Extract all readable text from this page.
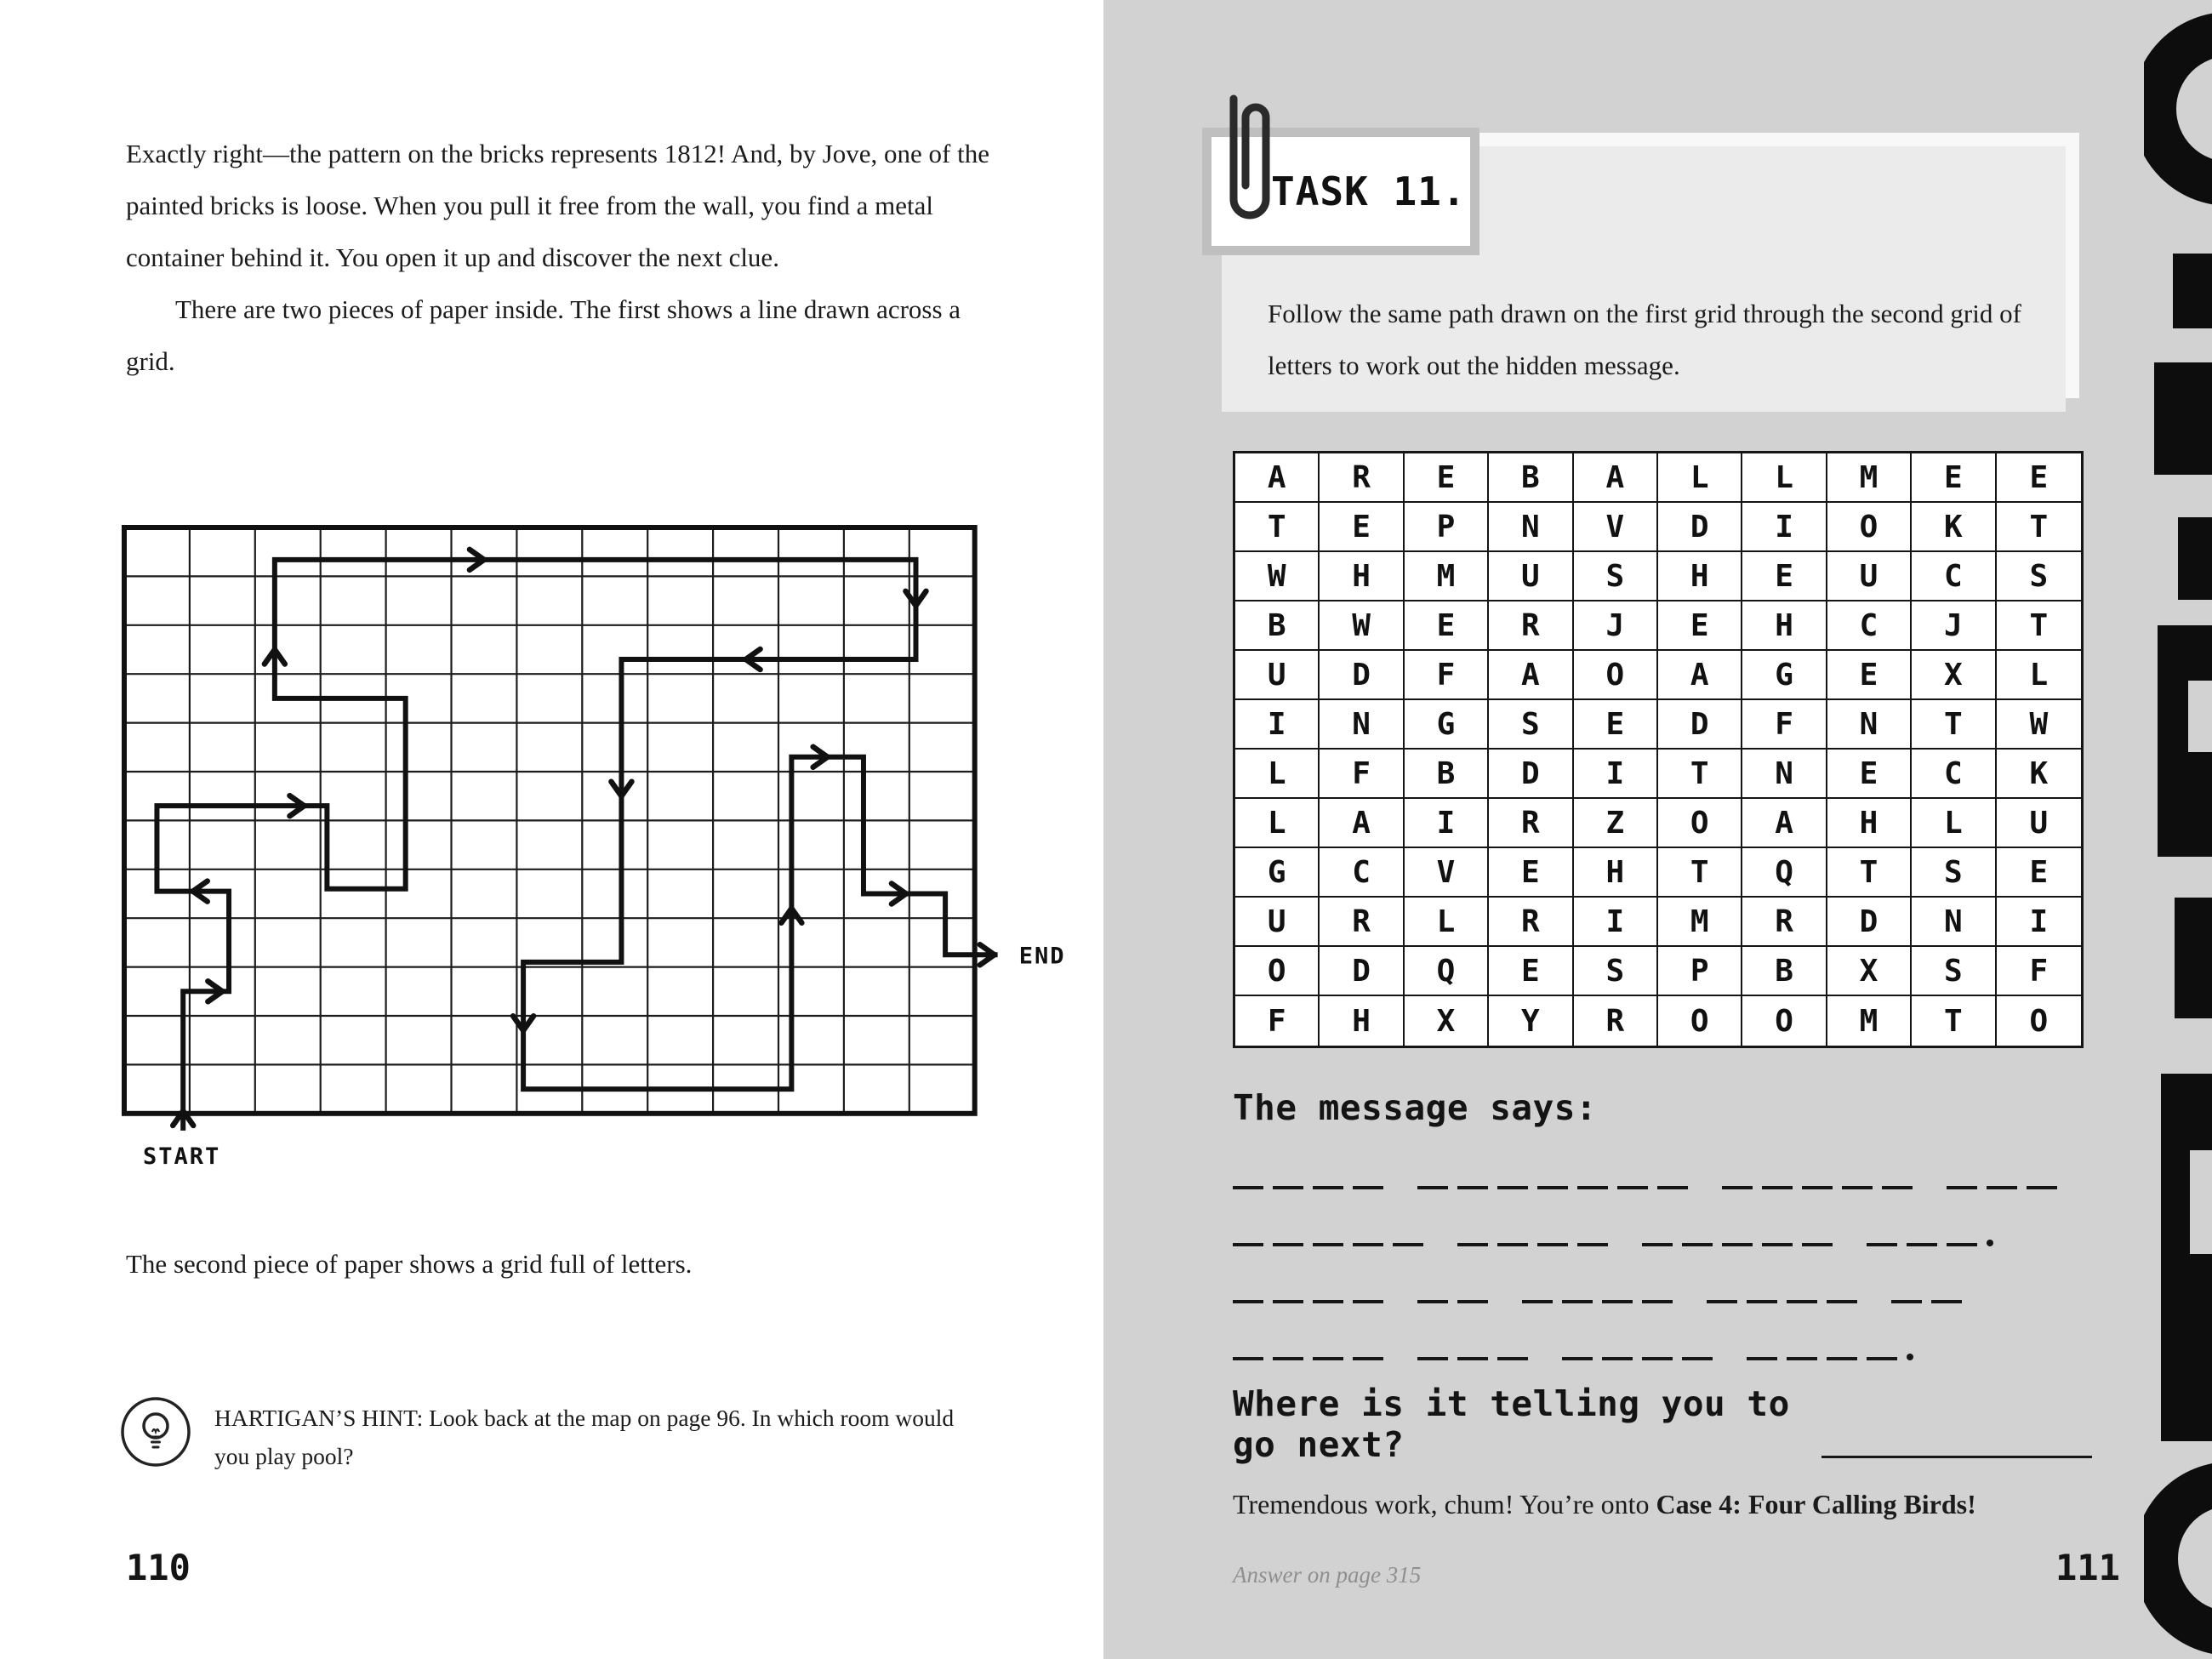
Exactly right—the pattern on the bricks represents 1812! And, by Jove, one of the painted bricks is loose. When you pull it free from the wall, you find a metal container behind it. You open it up and discover the next clue.

There are two pieces of paper inside. The first shows a line drawn across a grid.

START
END

The second piece of paper shows a grid full of letters.

HARTIGAN’S HINT: Look back at the map on page 96. In which room would you play pool?

110

Follow the same path drawn on the first grid through the second grid of letters to work out the hidden message.

TASK 11.
A	R	E	B	A	L	L	M	E	E
T	E	P	N	V	D	I	O	K	T
W	H	M	U	S	H	E	U	C	S
B	W	E	R	J	E	H	C	J	T
U	D	F	A	O	A	G	E	X	L
I	N	G	S	E	D	F	N	T	W
L	F	B	D	I	T	N	E	C	K
L	A	I	R	Z	O	A	H	L	U
G	C	V	E	H	T	Q	T	S	E
U	R	L	R	I	M	R	D	N	I
O	D	Q	E	S	P	B	X	S	F
F	H	X	Y	R	O	O	M	T	O
The message says:
Where is it telling you to go next?

Tremendous work, chum! You’re onto Case 4: Four Calling Birds!

Answer on page 315	111
